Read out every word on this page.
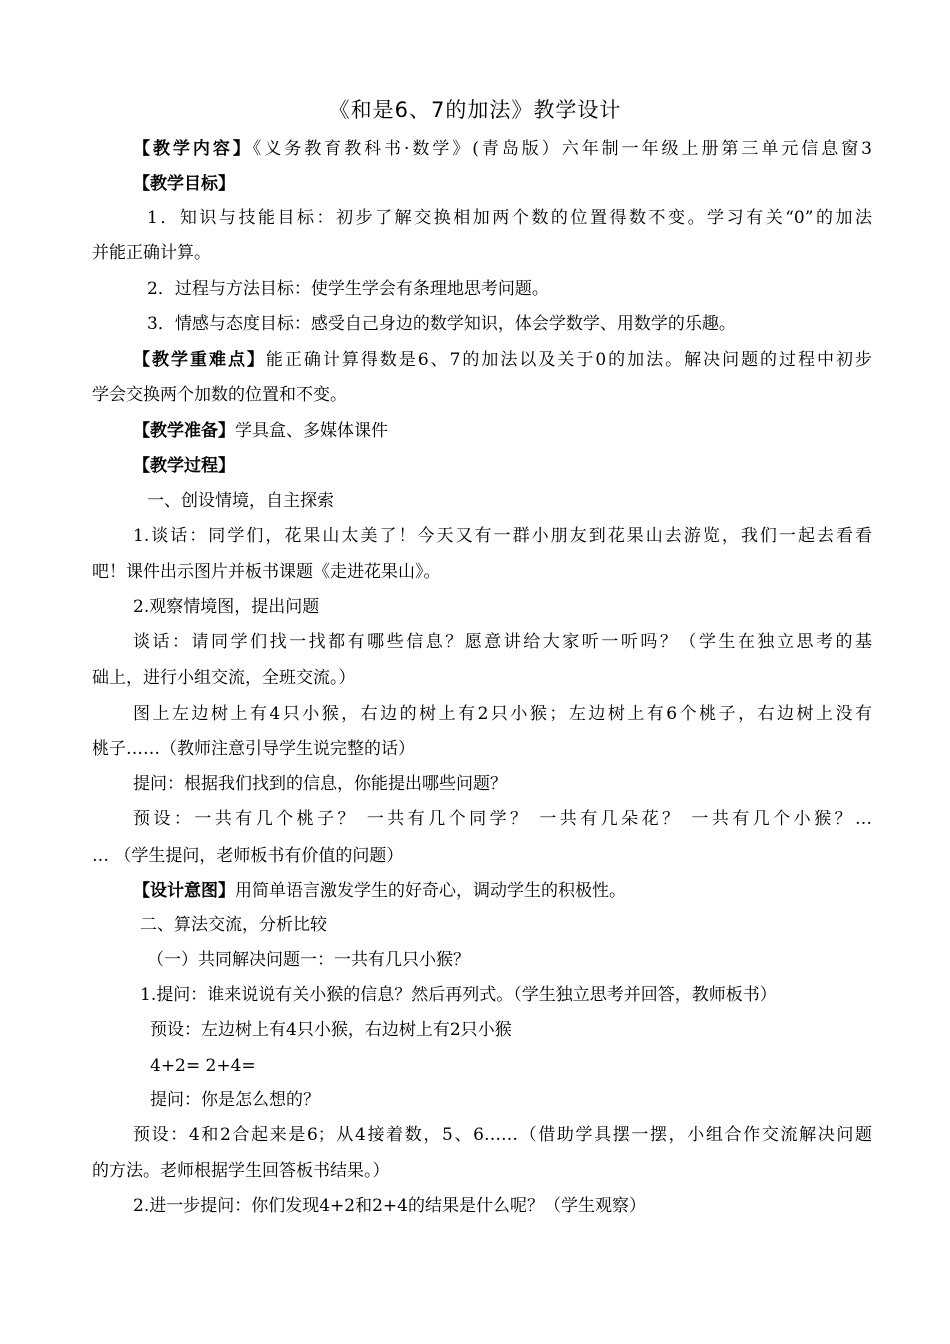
《和是6、7的加法》教学设计
【教学内容】《义务教育教科书·数学》(青岛版）六年制一年级上册第三单元信息窗3
【教学目标】
1．知识与技能目标：初步了解交换相加两个数的位置得数不变。学习有关“0”的加法
并能正确计算。
2．过程与方法目标：使学生学会有条理地思考问题。
3．情感与态度目标：感受自己身边的数学知识，体会学数学、用数学的乐趣。
【教学重难点】能正确计算得数是6、7的加法以及关于0的加法。解决问题的过程中初步
学会交换两个加数的位置和不变。
【教学准备】学具盒、多媒体课件
【教学过程】
一、创设情境，自主探索
1.谈话：同学们，花果山太美了！今天又有一群小朋友到花果山去游览，我们一起去看看
吧！课件出示图片并板书课题《走进花果山》。
2.观察情境图，提出问题
谈话：请同学们找一找都有哪些信息？愿意讲给大家听一听吗？（学生在独立思考的基
础上，进行小组交流，全班交流。）
图上左边树上有4只小猴，右边的树上有2只小猴；左边树上有6个桃子，右边树上没有
桃子……（教师注意引导学生说完整的话）
提问：根据我们找到的信息，你能提出哪些问题？
预设：一共有几个桃子？ 一共有几个同学？ 一共有几朵花？ 一共有几个小猴？…
… （学生提问，老师板书有价值的问题）
【设计意图】用简单语言激发学生的好奇心，调动学生的积极性。
二、算法交流，分析比较
（一）共同解决问题一：一共有几只小猴？
1.提问：谁来说说有关小猴的信息？然后再列式。（学生独立思考并回答，教师板书）
预设：左边树上有4只小猴，右边树上有2只小猴
4+2= 2+4=
提问：你是怎么想的？
预设：4和2合起来是6；从4接着数，5、6……（借助学具摆一摆，小组合作交流解决问题
的方法。老师根据学生回答板书结果。）
2.进一步提问：你们发现4+2和2+4的结果是什么呢？（学生观察）
